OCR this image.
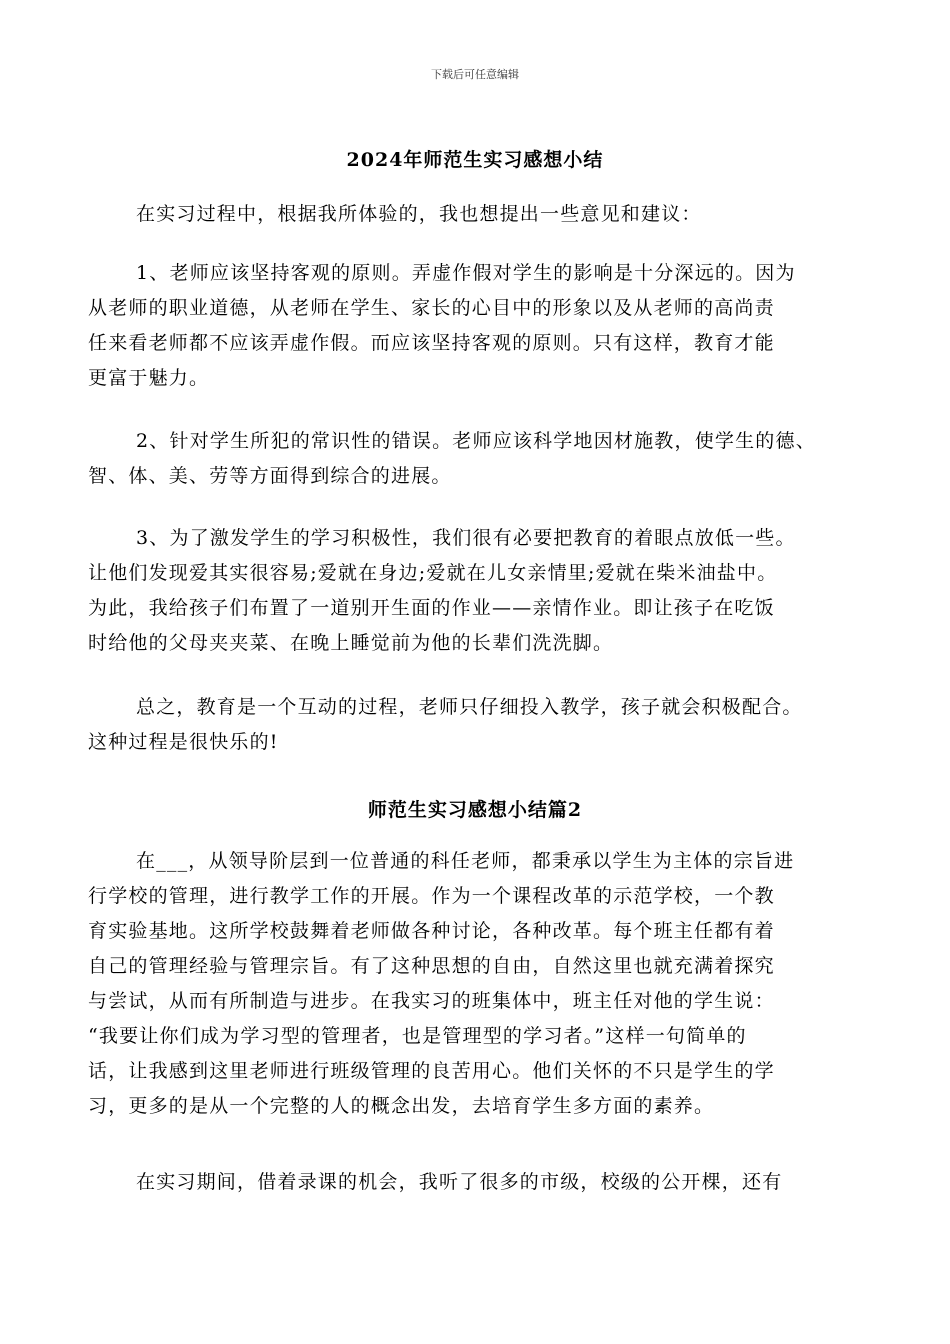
下载后可任意编辑
2024年师范生实习感想小结
在实习过程中，根据我所体验的，我也想提出一些意见和建议：
1、老师应该坚持客观的原则。弄虚作假对学生的影响是十分深远的。因为
从老师的职业道德，从老师在学生、家长的心目中的形象以及从老师的高尚责
任来看老师都不应该弄虚作假。而应该坚持客观的原则。只有这样，教育才能
更富于魅力。
2、针对学生所犯的常识性的错误。老师应该科学地因材施教，使学生的德、
智、体、美、劳等方面得到综合的进展。
3、为了激发学生的学习积极性，我们很有必要把教育的着眼点放低一些。
让他们发现爱其实很容易;爱就在身边;爱就在儿女亲情里;爱就在柴米油盐中。
为此，我给孩子们布置了一道别开生面的作业——亲情作业。即让孩子在吃饭
时给他的父母夹夹菜、在晚上睡觉前为他的长辈们洗洗脚。
总之，教育是一个互动的过程，老师只仔细投入教学，孩子就会积极配合。
这种过程是很快乐的!
师范生实习感想小结篇2
在___，从领导阶层到一位普通的科任老师，都秉承以学生为主体的宗旨进
行学校的管理，进行教学工作的开展。作为一个课程改革的示范学校，一个教
育实验基地。这所学校鼓舞着老师做各种讨论，各种改革。每个班主任都有着
自己的管理经验与管理宗旨。有了这种思想的自由，自然这里也就充满着探究
与尝试，从而有所制造与进步。在我实习的班集体中，班主任对他的学生说：
“我要让你们成为学习型的管理者，也是管理型的学习者。”这样一句简单的
话，让我感到这里老师进行班级管理的良苦用心。他们关怀的不只是学生的学
习，更多的是从一个完整的人的概念出发，去培育学生多方面的素养。
在实习期间，借着录课的机会，我听了很多的市级，校级的公开棵，还有
